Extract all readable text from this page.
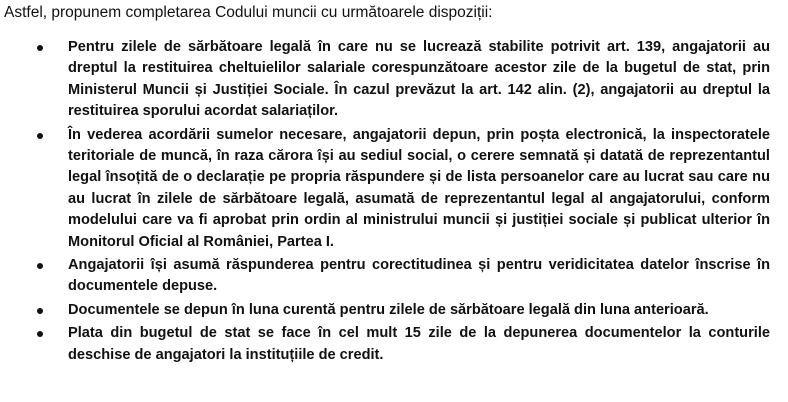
Astfel, propunem completarea Codului muncii cu următoarele dispoziții:
Pentru zilele de sărbătoare legală în care nu se lucrează stabilite potrivit art. 139, angajatorii au dreptul la restituirea cheltuielilor salariale corespunzătoare acestor zile de la bugetul de stat, prin Ministerul Muncii și Justiției Sociale. În cazul prevăzut la art. 142 alin. (2), angajatorii au dreptul la restituirea sporului acordat salariaților.
În vederea acordării sumelor necesare, angajatorii depun, prin poșta electronică, la inspectoratele teritoriale de muncă, în raza cărora își au sediul social, o cerere semnată și datată de reprezentantul legal însoțită de o declarație pe propria răspundere și de lista persoanelor care au lucrat sau care nu au lucrat în zilele de sărbătoare legală, asumată de reprezentantul legal al angajatorului, conform modelului care va fi aprobat prin ordin al ministrului muncii și justiției sociale și publicat ulterior în Monitorul Oficial al României, Partea I.
Angajatorii își asumă răspunderea pentru corectitudinea și pentru veridicitatea datelor înscrise în documentele depuse.
Documentele se depun în luna curentă pentru zilele de sărbătoare legală din luna anterioară.
Plata din bugetul de stat se face în cel mult 15 zile de la depunerea documentelor la conturile deschise de angajatori la instituțiile de credit.
